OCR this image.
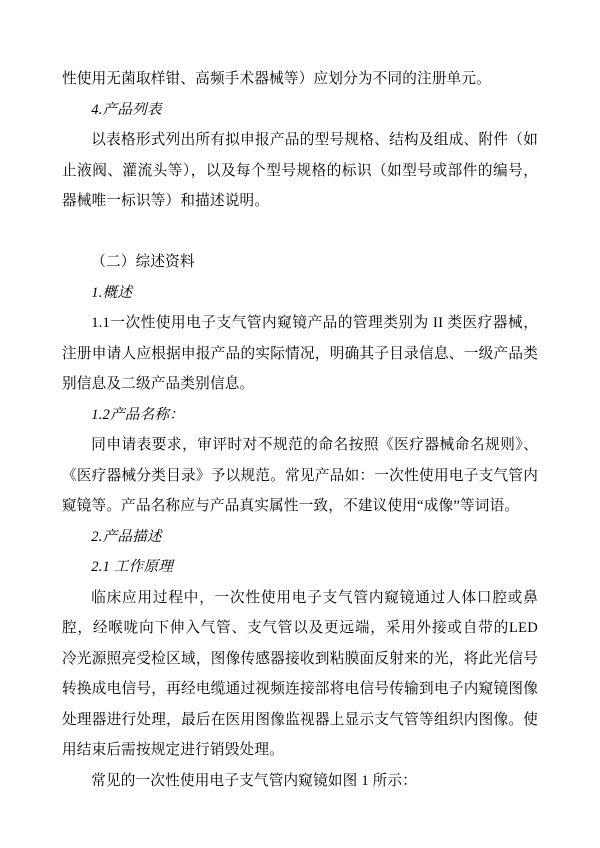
性使用无菌取样钳、高频手术器械等）应划分为不同的注册单元。

4.产品列表

以表格形式列出所有拟申报产品的型号规格、结构及组成、附件（如止液阀、灌流头等），以及每个型号规格的标识（如型号或部件的编号，器械唯一标识等）和描述说明。

（二）综述资料

1.概述

1.1一次性使用电子支气管内窥镜产品的管理类别为 II 类医疗器械，注册申请人应根据申报产品的实际情况，明确其子目录信息、一级产品类别信息及二级产品类别信息。

1.2产品名称：

同申请表要求，审评时对不规范的命名按照《医疗器械命名规则》、《医疗器械分类目录》予以规范。常见产品如：一次性使用电子支气管内窥镜等。产品名称应与产品真实属性一致，不建议使用“成像”等词语。

2.产品描述

2.1 工作原理

临床应用过程中，一次性使用电子支气管内窥镜通过人体口腔或鼻腔，经喉咙向下伸入气管、支气管以及更远端，采用外接或自带的LED 冷光源照亮受检区域，图像传感器接收到粘膜面反射来的光，将此光信号转换成电信号，再经电缆通过视频连接部将电信号传输到电子内窥镜图像处理器进行处理，最后在医用图像监视器上显示支气管等组织内图像。使用结束后需按规定进行销毁处理。

常见的一次性使用电子支气管内窥镜如图 1 所示：
